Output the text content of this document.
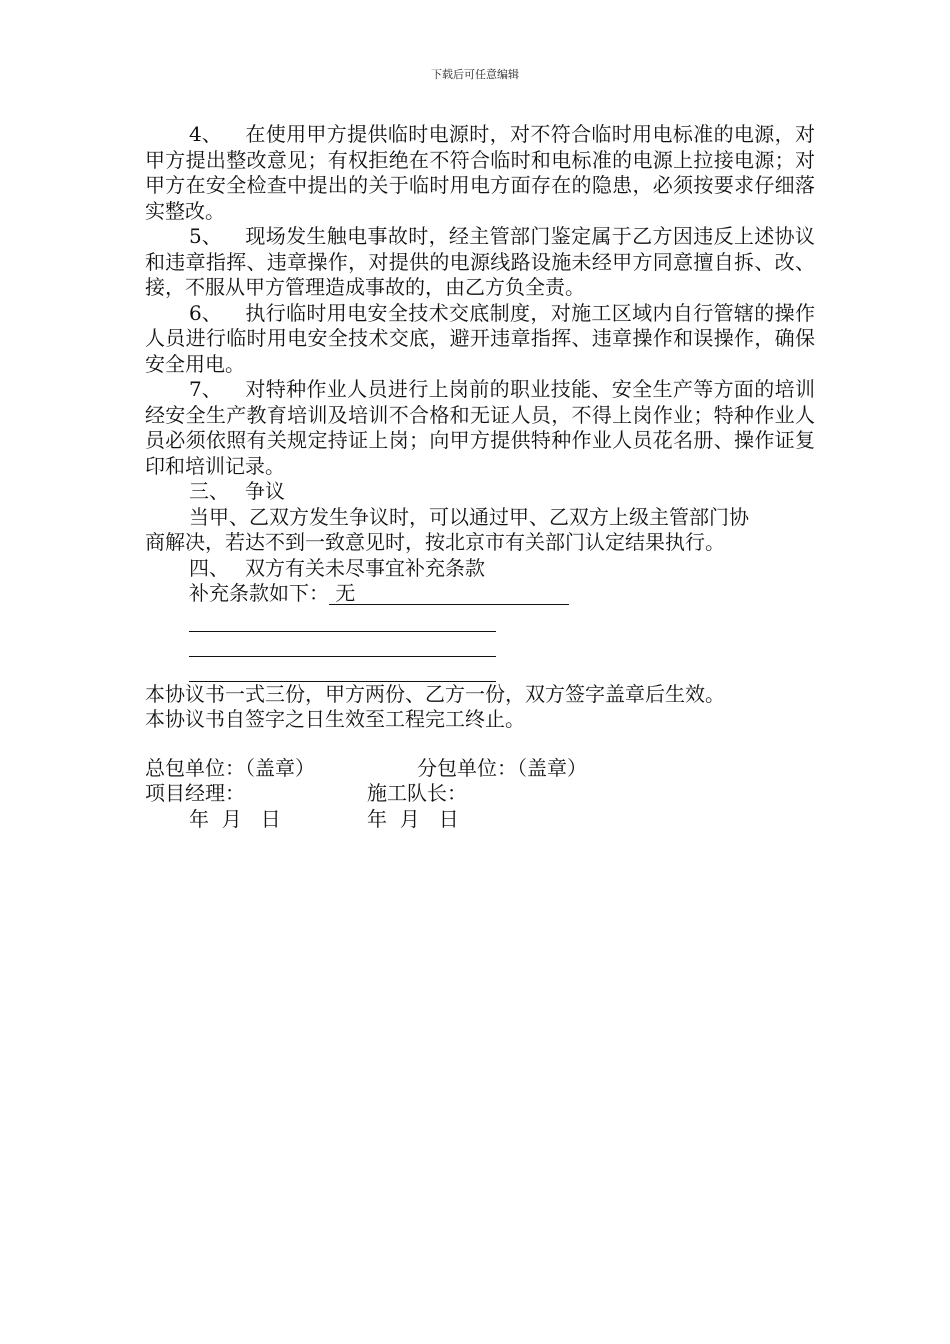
下载后可任意编辑

4、 在使用甲方提供临时电源时，对不符合临时用电标准的电源，对甲方提出整改意见；有权拒绝在不符合临时和电标准的电源上拉接电源；对甲方在安全检查中提出的关于临时用电方面存在的隐患，必须按要求仔细落实整改。

5、 现场发生触电事故时，经主管部门鉴定属于乙方因违反上述协议和违章指挥、违章操作，对提供的电源线路设施未经甲方同意擅自拆、改、接，不服从甲方管理造成事故的，由乙方负全责。

6、 执行临时用电安全技术交底制度，对施工区域内自行管辖的操作人员进行临时用电安全技术交底，避开违章指挥、违章操作和误操作，确保安全用电。

7、 对特种作业人员进行上岗前的职业技能、安全生产等方面的培训经安全生产教育培训及培训不合格和无证人员，不得上岗作业；特种作业人员必须依照有关规定持证上岗；向甲方提供特种作业人员花名册、操作证复印和培训记录。

三、 争议

当甲、乙双方发生争议时，可以通过甲、乙双方上级主管部门协

商解决，若达不到一致意见时，按北京市有关部门认定结果执行。

四、 双方有关未尽事宜补充条款

补充条款如下： 无

本协议书一式三份，甲方两份、乙方一份，双方签字盖章后生效。

本协议书自签字之日生效至工程完工终止。

总包单位：（盖章）	分包单位：（盖章）

项目经理：	施工队长：

年  月   日	年  月   日
